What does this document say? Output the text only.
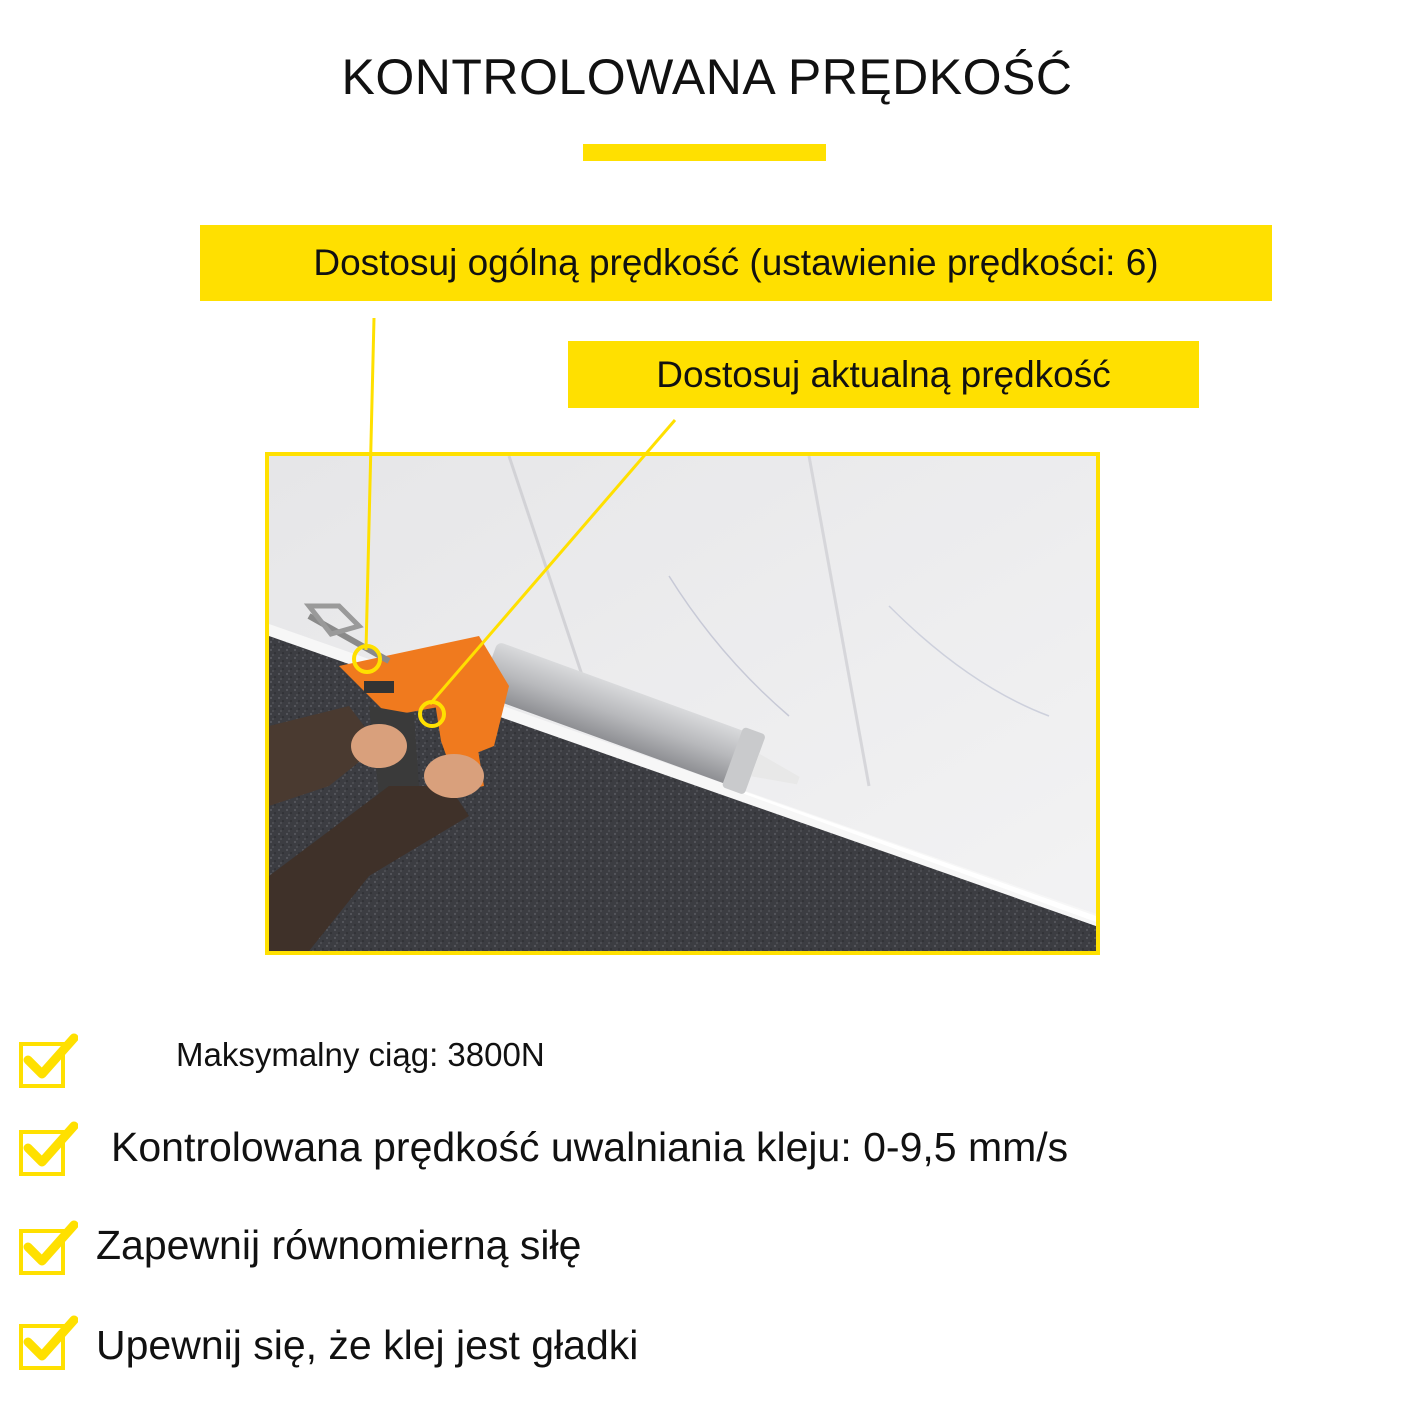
KONTROLOWANA PRĘDKOŚĆ
Dostosuj ogólną prędkość (ustawienie prędkości: 6)
Dostosuj aktualną prędkość
Maksymalny ciąg: 3800N
Kontrolowana prędkość uwalniania kleju: 0-9,5 mm/s
Zapewnij równomierną siłę
Upewnij się, że klej jest gładki
